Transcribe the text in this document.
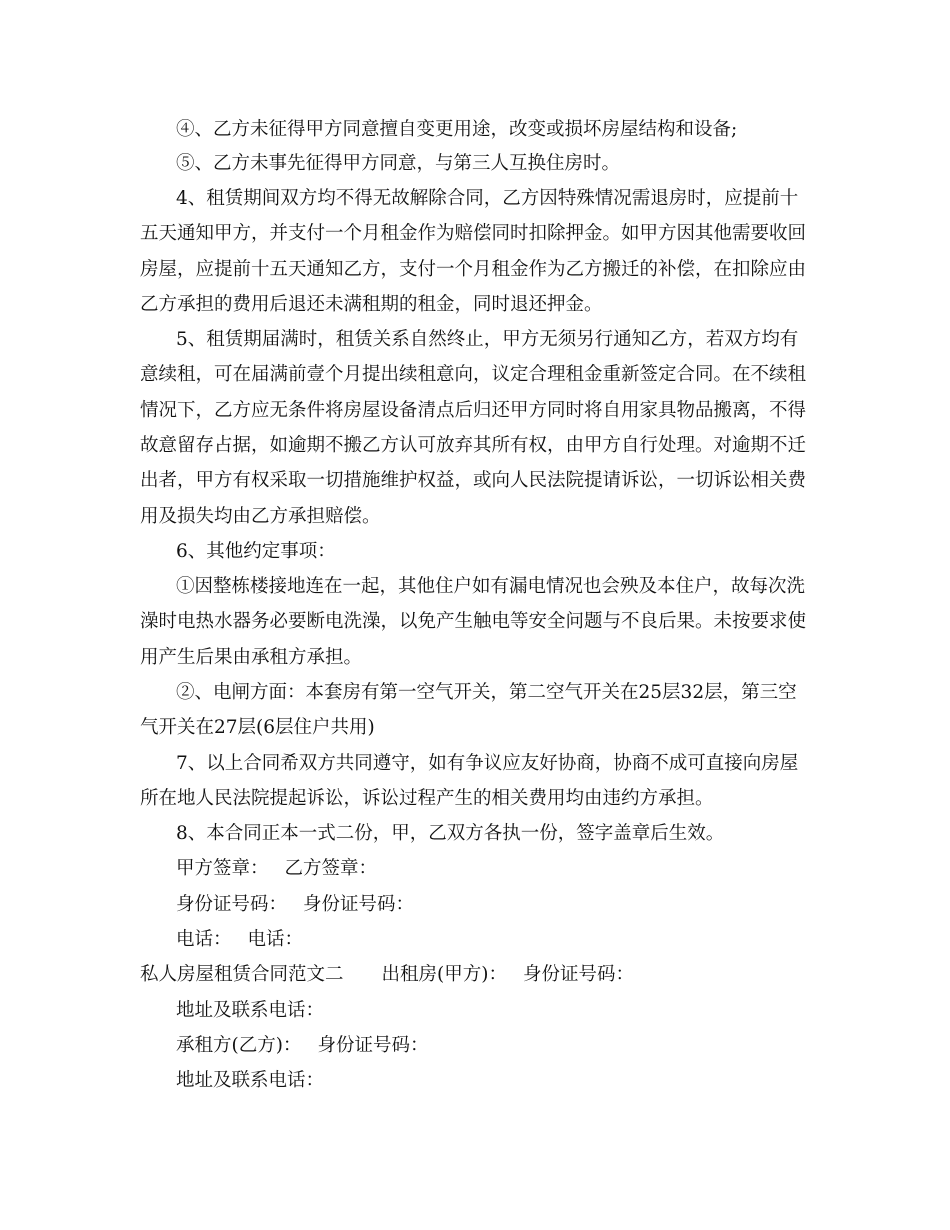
④、乙方未征得甲方同意擅自变更用途，改变或损坏房屋结构和设备;
⑤、乙方未事先征得甲方同意，与第三人互换住房时。
4、租赁期间双方均不得无故解除合同，乙方因特殊情况需退房时，应提前十
五天通知甲方，并支付一个月租金作为赔偿同时扣除押金。如甲方因其他需要收回
房屋，应提前十五天通知乙方，支付一个月租金作为乙方搬迁的补偿，在扣除应由
乙方承担的费用后退还未满租期的租金，同时退还押金。
5、租赁期届满时，租赁关系自然终止，甲方无须另行通知乙方，若双方均有
意续租，可在届满前壹个月提出续租意向，议定合理租金重新签定合同。在不续租
情况下，乙方应无条件将房屋设备清点后归还甲方同时将自用家具物品搬离，不得
故意留存占据，如逾期不搬乙方认可放弃其所有权，由甲方自行处理。对逾期不迁
出者，甲方有权采取一切措施维护权益，或向人民法院提请诉讼，一切诉讼相关费
用及损失均由乙方承担赔偿。
6、其他约定事项：
①因整栋楼接地连在一起，其他住户如有漏电情况也会殃及本住户，故每次洗
澡时电热水器务必要断电洗澡，以免产生触电等安全问题与不良后果。未按要求使
用产生后果由承租方承担。
②、电闸方面：本套房有第一空气开关，第二空气开关在25层32层，第三空
气开关在27层(6层住户共用)
7、以上合同希双方共同遵守，如有争议应友好协商，协商不成可直接向房屋
所在地人民法院提起诉讼，诉讼过程产生的相关费用均由违约方承担。
8、本合同正本一式二份，甲，乙双方各执一份，签字盖章后生效。
甲方签章： 乙方签章：
身份证号码： 身份证号码：
电话： 电话：
私人房屋租赁合同范文二 出租房(甲方)： 身份证号码：
地址及联系电话：
承租方(乙方)： 身份证号码：
地址及联系电话：
